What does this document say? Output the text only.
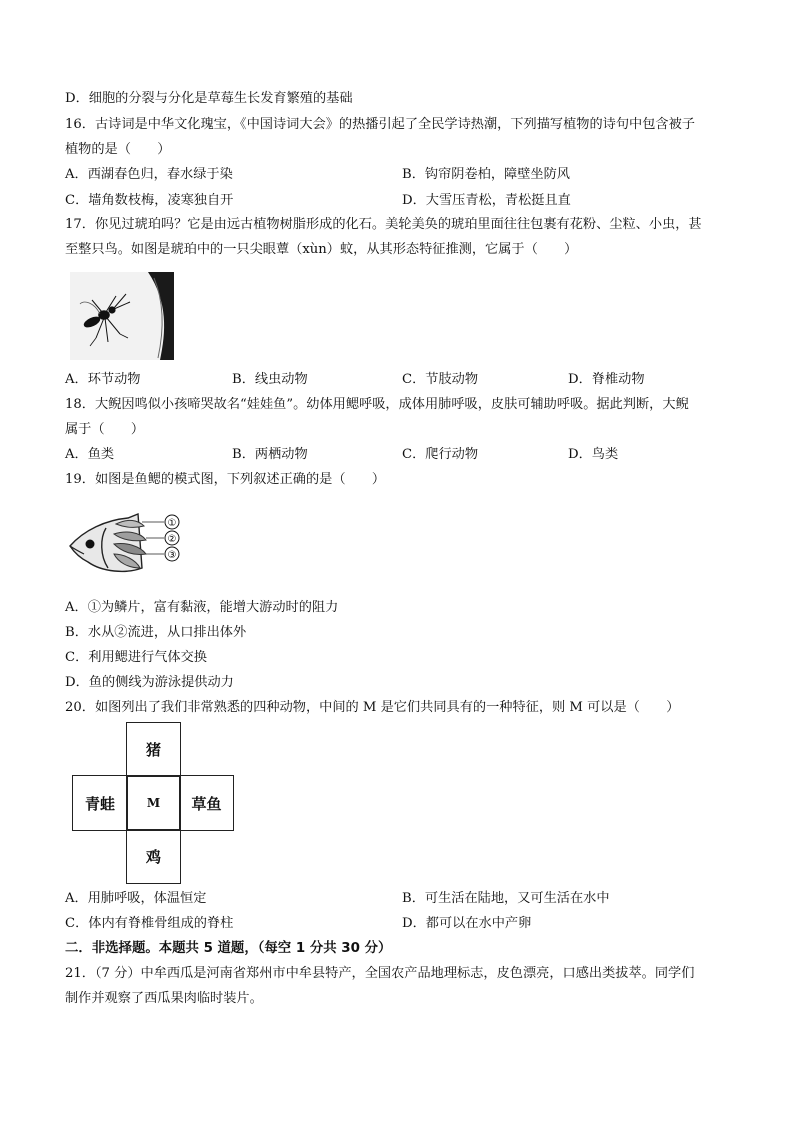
D．细胞的分裂与分化是草莓生长发育繁殖的基础
16．古诗词是中华文化瑰宝，《中国诗词大会》的热播引起了全民学诗热潮，下列描写植物的诗句中包含被子
植物的是（　　）
A．西湖春色归，春水绿于染	B．钩帘阴卷柏，障壁坐防风
C．墙角数枝梅，凌寒独自开	D．大雪压青松，青松挺且直
17．你见过琥珀吗？它是由远古植物树脂形成的化石。美轮美奂的琥珀里面往往包裹有花粉、尘粒、小虫，甚
至整只鸟。如图是琥珀中的一只尖眼蕈（xùn）蚊，从其形态特征推测，它属于（　　）
A．环节动物	B．线虫动物	C．节肢动物	D．脊椎动物
18．大鲵因鸣似小孩啼哭故名“娃娃鱼”。幼体用鳃呼吸，成体用肺呼吸，皮肤可辅助呼吸。据此判断，大鲵
属于（　　）
A．鱼类	B．两栖动物	C．爬行动物	D．鸟类
19．如图是鱼鳃的模式图，下列叙述正确的是（　　）
①
②
③
A．①为鳞片，富有黏液，能增大游动时的阻力
B．水从②流进，从口排出体外
C．利用鳃进行气体交换
D．鱼的侧线为游泳提供动力
20．如图列出了我们非常熟悉的四种动物，中间的 M 是它们共同具有的一种特征，则 M 可以是（　　）
猪
青蛙	M	草鱼
鸡
A．用肺呼吸，体温恒定	B．可生活在陆地，又可生活在水中
C．体内有脊椎骨组成的脊柱	D．都可以在水中产卵
二．非选择题。本题共 5 道题，（每空 1 分共 30 分）
21．（7 分）中牟西瓜是河南省郑州市中牟县特产，全国农产品地理标志，皮色漂亮，口感出类拔萃。同学们
制作并观察了西瓜果肉临时装片。
